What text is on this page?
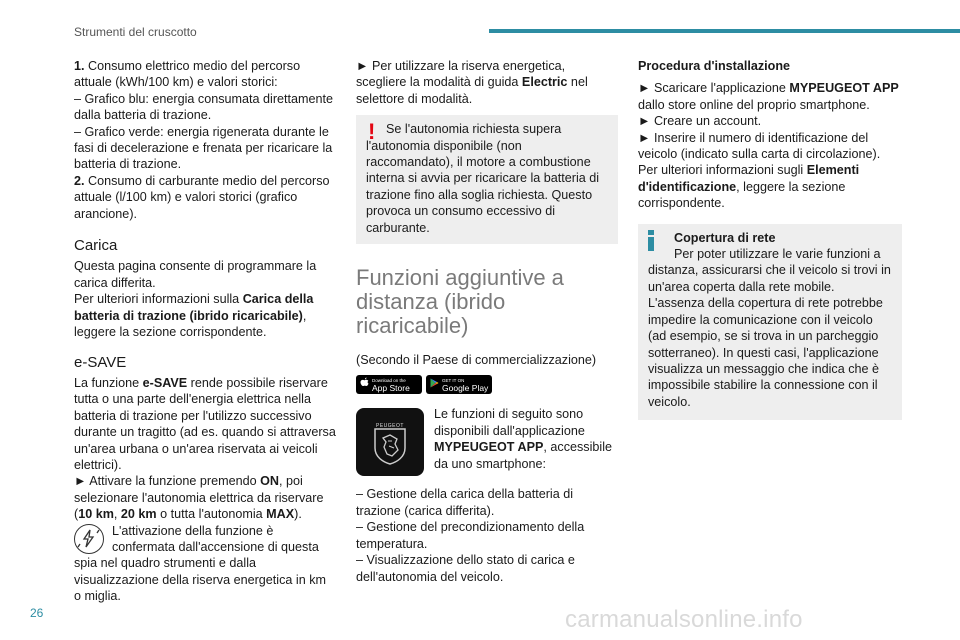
Strumenti del cruscotto

1. Consumo elettrico medio del percorso attuale (kWh/100 km) e valori storici:

– Grafico blu: energia consumata direttamente dalla batteria di trazione.

– Grafico verde: energia rigenerata durante le fasi di decelerazione e frenata per ricaricare la batteria di trazione.

2. Consumo di carburante medio del percorso attuale (l/100 km) e valori storici (grafico arancione).

Carica

Questa pagina consente di programmare la carica differita.

Per ulteriori informazioni sulla Carica della batteria di trazione (ibrido ricaricabile), leggere la sezione corrispondente.

e-SAVE

La funzione e-SAVE rende possibile riservare tutta o una parte dell'energia elettrica nella batteria di trazione per l'utilizzo successivo durante un tragitto (ad es. quando si attraversa un'area urbana o un'area riservata ai veicoli elettrici).

► Attivare la funzione premendo ON, poi selezionare l'autonomia elettrica da riservare (10 km, 20 km o tutta l'autonomia MAX).

L'attivazione della funzione è confermata dall'accensione di questa spia nel quadro strumenti e dalla visualizzazione della riserva energetica in km o miglia.

► Per utilizzare la riserva energetica, scegliere la modalità di guida Electric nel selettore di modalità.

! Se l'autonomia richiesta supera l'autonomia disponibile (non raccomandato), il motore a combustione interna si avvia per ricaricare la batteria di trazione fino alla soglia richiesta. Questo provoca un consumo eccessivo di carburante.

Funzioni aggiuntive a distanza (ibrido ricaricabile)

(Secondo il Paese di commercializzazione)

Download on the
App Store
GET IT ON
Google Play
PEUGEOT

Le funzioni di seguito sono disponibili dall'applicazione MYPEUGEOT APP, accessibile da uno smartphone:

– Gestione della carica della batteria di trazione (carica differita).

– Gestione del precondizionamento della temperatura.

– Visualizzazione dello stato di carica e dell'autonomia del veicolo.

Procedura d'installazione

► Scaricare l'applicazione MYPEUGEOT APP dallo store online del proprio smartphone.

► Creare un account.

► Inserire il numero di identificazione del veicolo (indicato sulla carta di circolazione).

Per ulteriori informazioni sugli Elementi d'identificazione, leggere la sezione corrispondente.

Copertura di rete

Per poter utilizzare le varie funzioni a distanza, assicurarsi che il veicolo si trovi in un'area coperta dalla rete mobile.

L'assenza della copertura di rete potrebbe impedire la comunicazione con il veicolo (ad esempio, se si trova in un parcheggio sotterraneo). In questi casi, l'applicazione visualizza un messaggio che indica che è impossibile stabilire la connessione con il veicolo.

26	carmanualsonline.info
